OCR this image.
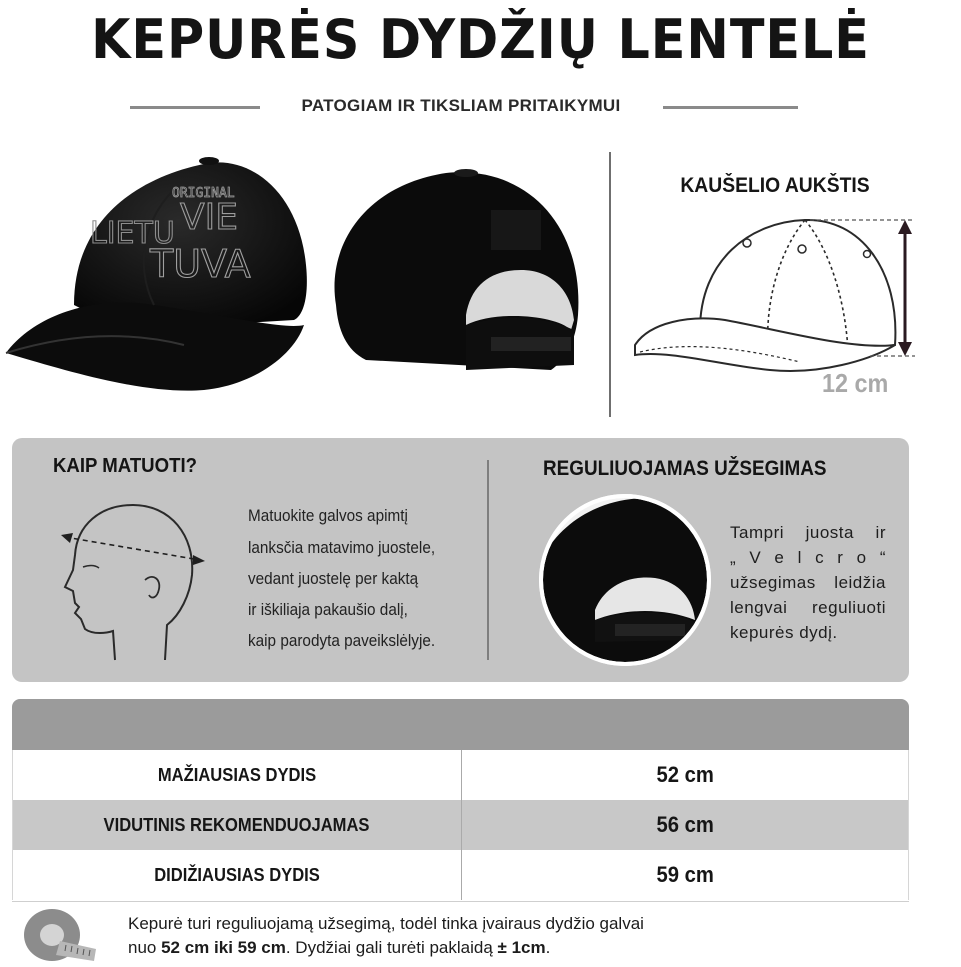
KEPURĖS DYDŽIŲ LENTELĖ
PATOGIAM IR TIKSLIAM PRITAIKYMUI
ORIGINAL
LIETU VIE
TUVA
KAUŠELIO AUKŠTIS
12 cm
KAIP MATUOTI?
Matuokite galvos apimtį
lanksčia matavimo juostele,
vedant juostelę per kaktą
ir iškiliaja pakaušio dalį,
kaip parodyta paveikslėlyje.
REGULIUOJAMAS UŽSEGIMAS
Tampri juosta ir
„ V e l c r o “
užsegimas leidžia
lengvai reguliuoti
kepurės dydį.
MAŽIAUSIAS DYDIS	52 cm
VIDUTINIS REKOMENDUOJAMAS	56 cm
DIDIŽIAUSIAS DYDIS	59 cm
Kepurė turi reguliuojamą užsegimą, todėl tinka įvairaus dydžio galvai
nuo 52 cm iki 59 cm. Dydžiai gali turėti paklaidą ± 1cm.
